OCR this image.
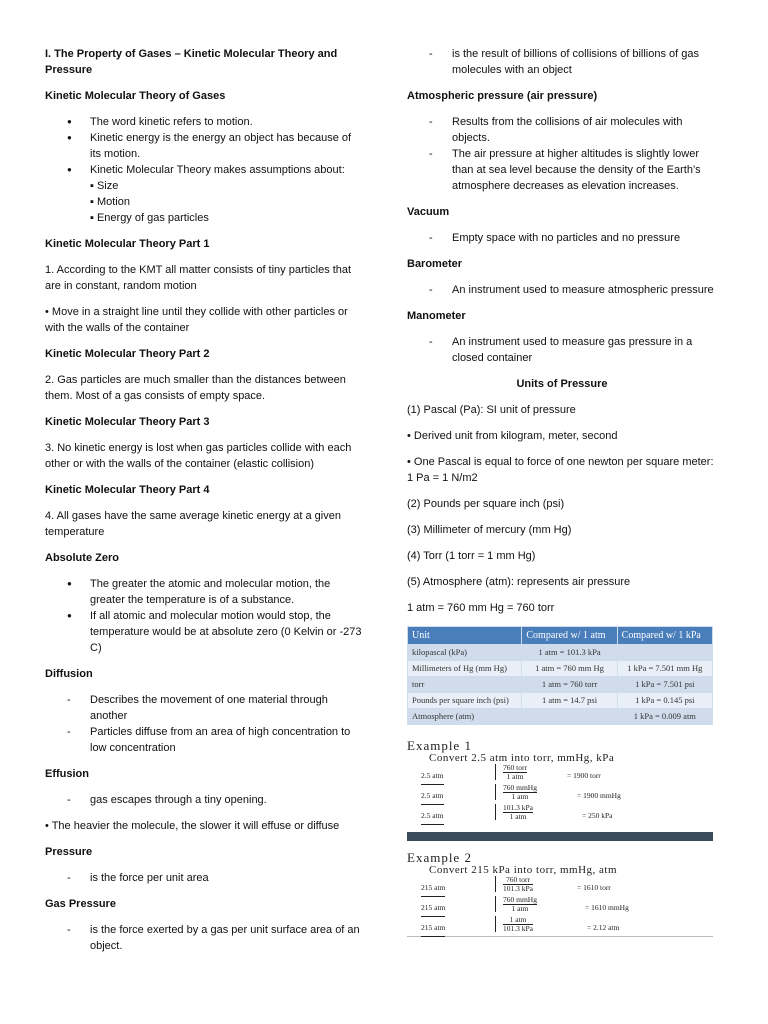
I. The Property of Gases – Kinetic Molecular Theory and Pressure
Kinetic Molecular Theory of Gases
● The word kinetic refers to motion.
● Kinetic energy is the energy an object has because of its motion.
● Kinetic Molecular Theory makes assumptions about:
▪ Size
▪ Motion
▪ Energy of gas particles
Kinetic Molecular Theory Part 1
1. According to the KMT all matter consists of tiny particles that are in constant, random motion
• Move in a straight line until they collide with other particles or with the walls of the container
Kinetic Molecular Theory Part 2
2. Gas particles are much smaller than the distances between them. Most of a gas consists of empty space.
Kinetic Molecular Theory Part 3
3. No kinetic energy is lost when gas particles collide with each other or with the walls of the container (elastic collision)
Kinetic Molecular Theory Part 4
4. All gases have the same average kinetic energy at a given temperature
Absolute Zero
● The greater the atomic and molecular motion, the greater the temperature is of a substance.
● If all atomic and molecular motion would stop, the temperature would be at absolute zero (0 Kelvin or -273 C)
Diffusion
- Describes the movement of one material through another
- Particles diffuse from an area of high concentration to low concentration
Effusion
- gas escapes through a tiny opening.
• The heavier the molecule, the slower it will effuse or diffuse
Pressure
- is the force per unit area
Gas Pressure
- is the force exerted by a gas per unit surface area of an object.
- is the result of billions of collisions of billions of gas molecules with an object
Atmospheric pressure (air pressure)
- Results from the collisions of air molecules with objects.
- The air pressure at higher altitudes is slightly lower than at sea level because the density of the Earth’s atmosphere decreases as elevation increases.
Vacuum
- Empty space with no particles and no pressure
Barometer
- An instrument used to measure atmospheric pressure
Manometer
- An instrument used to measure gas pressure in a closed container
Units of Pressure
(1) Pascal (Pa): SI unit of pressure
• Derived unit from kilogram, meter, second
• One Pascal is equal to force of one newton per square meter: 1 Pa = 1 N/m2
(2) Pounds per square inch (psi)
(3) Millimeter of mercury (mm Hg)
(4) Torr (1 torr = 1 mm Hg)
(5) Atmosphere (atm): represents air pressure
1 atm = 760 mm Hg = 760 torr
Unit	Compared w/ 1 atm	Compared w/ 1 kPa
kilopascal (kPa)	1 atm = 101.3 kPa	
Millimeters of Hg (mm Hg)	1 atm = 760 mm Hg	1 kPa = 7.501 mm Hg
torr	1 atm = 760 torr	1 kPa = 7.501 psi
Pounds per square inch (psi)	1 atm = 14.7 psi	1 kPa = 0.145 psi
Atmosphere (atm)		1 kPa = 0.009 atm
Example 1
Convert 2.5 atm into torr, mmHg, kPa
2.5 atm
760 torr
1 atm	= 1900 torr
2.5 atm
760 mmHg
1 atm	= 1900 mmHg
2.5 atm
101.3 kPa
1 atm	= 250 kPa
Example 2
Convert 215 kPa into torr, mmHg, atm
215 atm
760 torr
101.3 kPa	= 1610 torr
215 atm
760 mmHg
1 atm	= 1610 mmHg
215 atm
1 atm
101.3 kPa	= 2.12 atm
